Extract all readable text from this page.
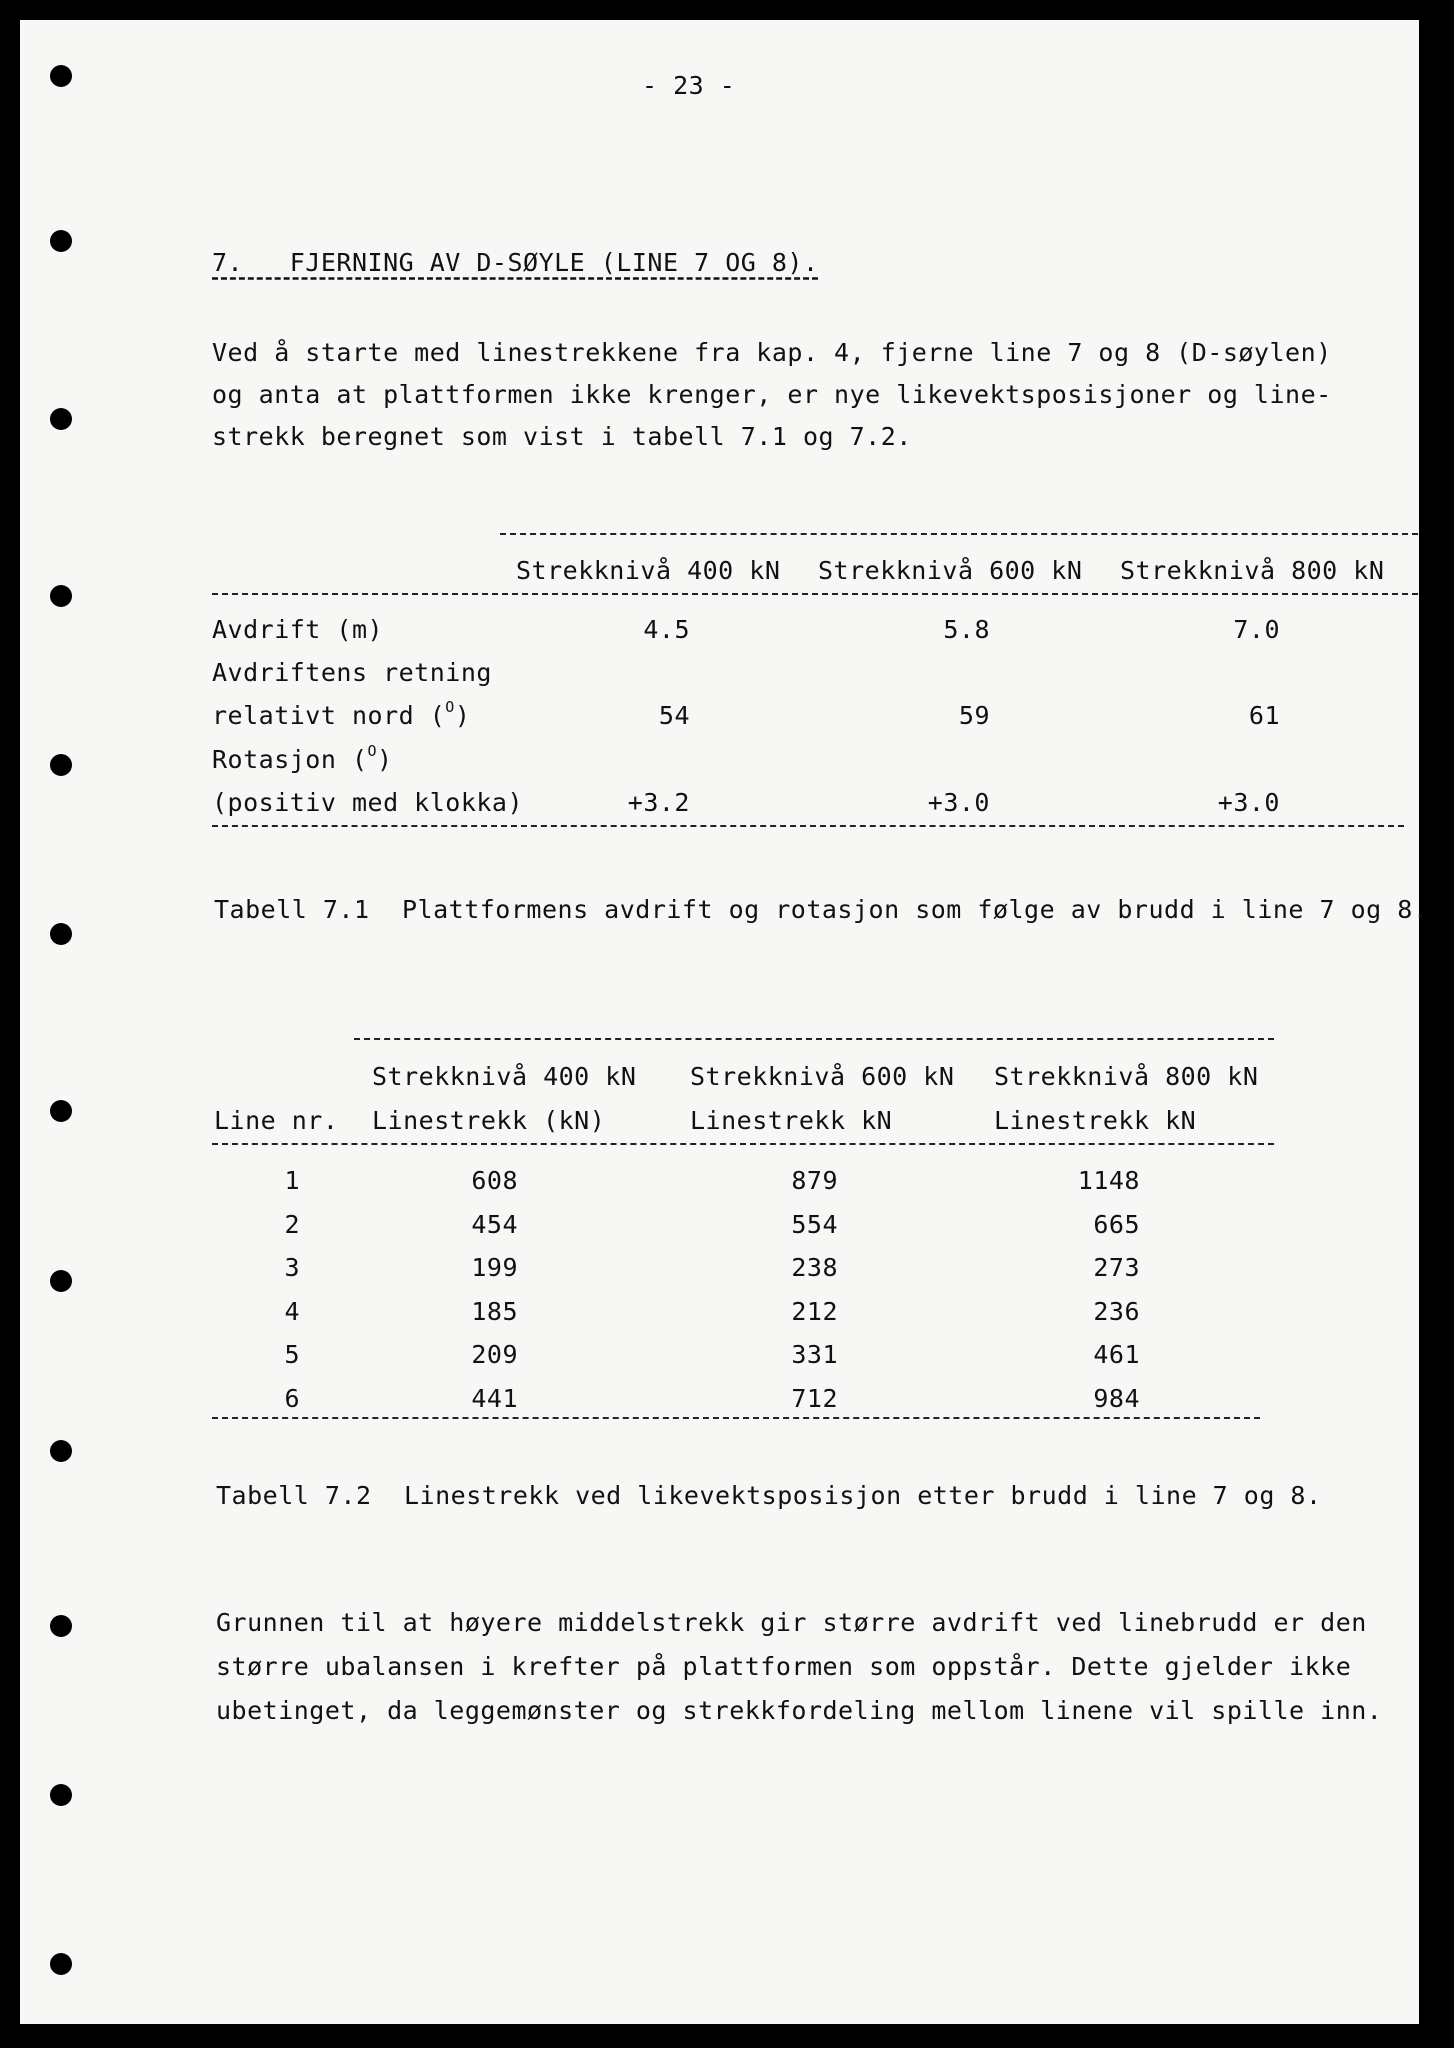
- 23 -
7.   FJERNING AV D-SØYLE (LINE 7 OG 8).
Ved å starte med linestrekkene fra kap. 4, fjerne line 7 og 8 (D-søylen)
og anta at plattformen ikke krenger, er nye likevektsposisjoner og line-
strekk beregnet som vist i tabell 7.1 og 7.2.
Strekknivå 400 kN Strekknivå 600 kN Strekknivå 800 kN
Avdrift (m)	4.5	5.8	7.0
Avdriftens retning
relativt nord ($^O$)	54	59	61
Rotasjon ($^O$)
(positiv med klokka)	+3.2	+3.0	+3.0
Tabell 7.1 Plattformens avdrift og rotasjon som følge av brudd i line 7 og 8.
Strekknivå 400 kN Strekknivå 600 kN Strekknivå 800 kN
Line nr. Linestrekk (kN)	Linestrekk kN	Linestrekk kN
1	608	879	1148
2	454	554	665
3	199	238	273
4	185	212	236
5	209	331	461
6	441	712	984
Tabell 7.2 Linestrekk ved likevektsposisjon etter brudd i line 7 og 8.
Grunnen til at høyere middelstrekk gir større avdrift ved linebrudd er den
større ubalansen i krefter på plattformen som oppstår. Dette gjelder ikke
ubetinget, da leggemønster og strekkfordeling mellom linene vil spille inn.
